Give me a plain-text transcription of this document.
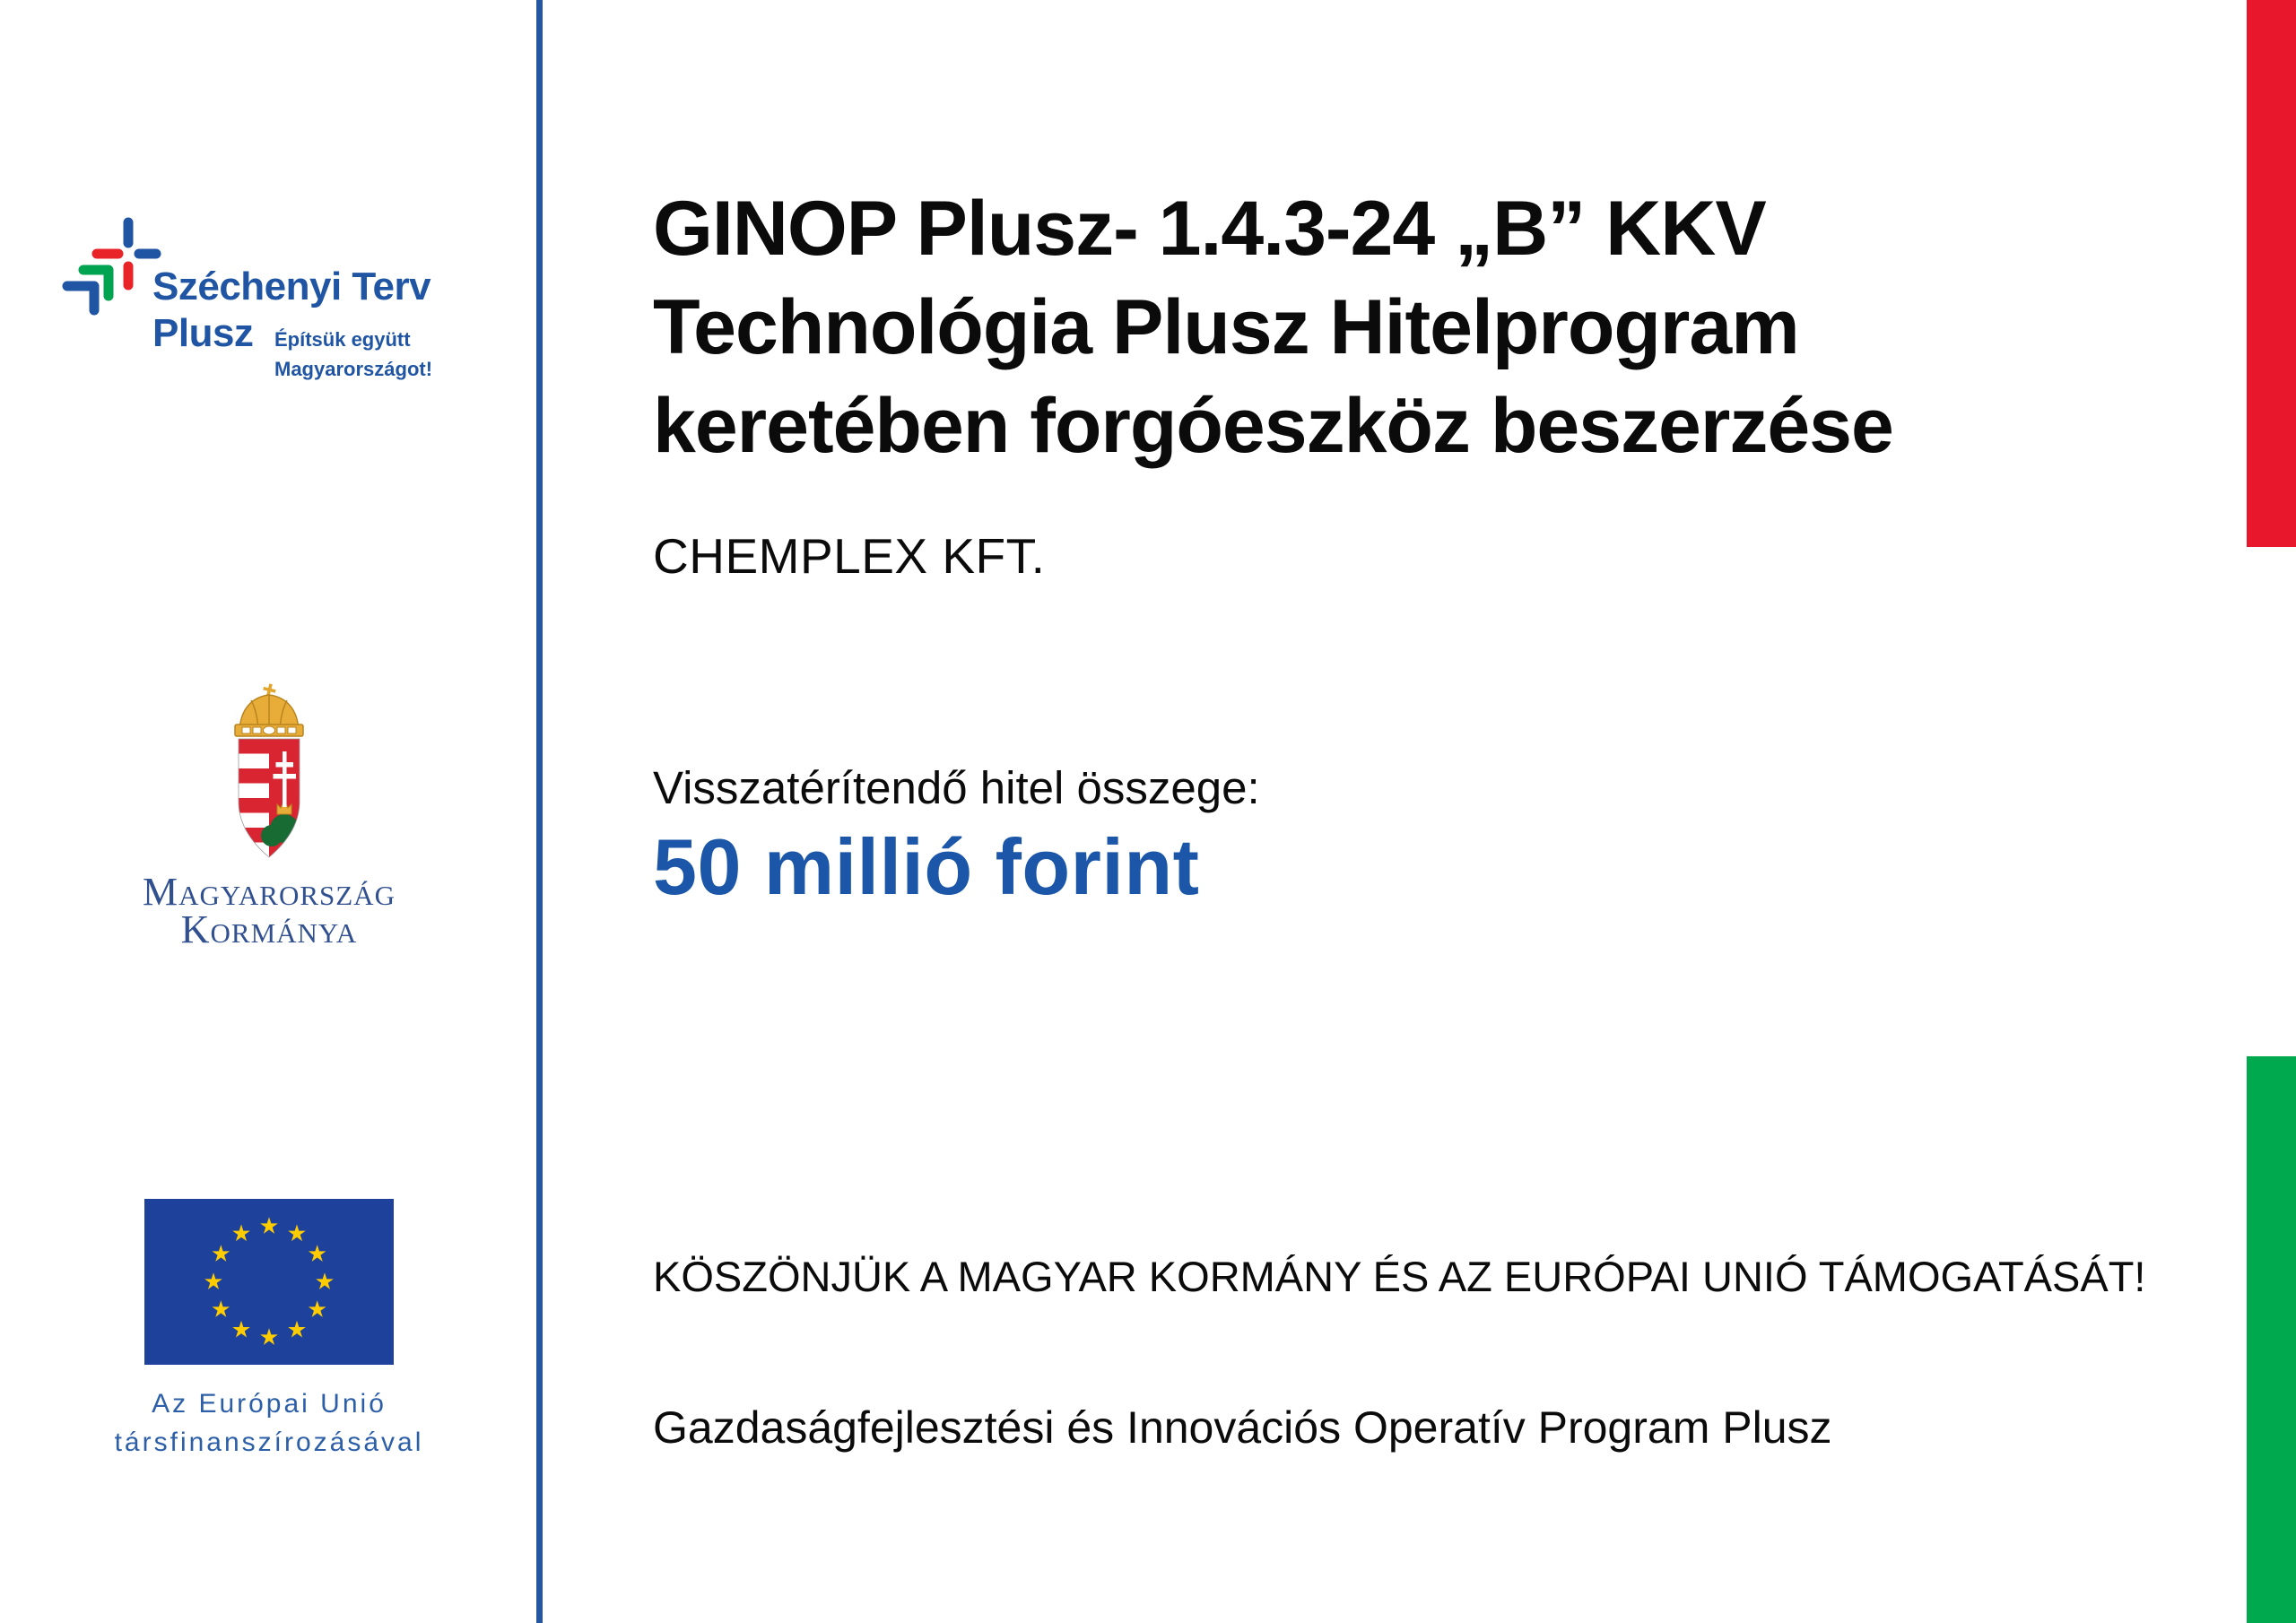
Széchenyi Terv
Plusz Építsük együtt
Magyarországot!
Magyarország
Kormánya
Az Európai Unió
társfinanszírozásával
GINOP Plusz- 1.4.3-24 „B” KKV
Technológia Plusz Hitelprogram
keretében forgóeszköz beszerzése
CHEMPLEX KFT.
Visszatérítendő hitel összege:
50 millió forint
KÖSZÖNJÜK A MAGYAR KORMÁNY ÉS AZ EURÓPAI UNIÓ TÁMOGATÁSÁT!
Gazdaságfejlesztési és Innovációs Operatív Program Plusz
